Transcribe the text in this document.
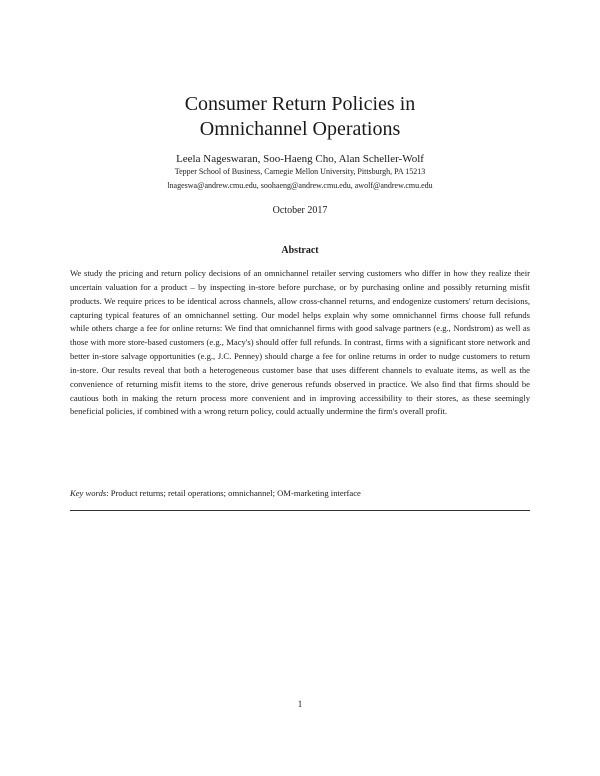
Consumer Return Policies in
Omnichannel Operations
Leela Nageswaran, Soo-Haeng Cho, Alan Scheller-Wolf
Tepper School of Business, Carnegie Mellon University, Pittsburgh, PA 15213
lnageswa@andrew.cmu.edu, soohaeng@andrew.cmu.edu, awolf@andrew.cmu.edu
October 2017
Abstract
We study the pricing and return policy decisions of an omnichannel retailer serving customers who differ in how they realize their uncertain valuation for a product – by inspecting in-store before purchase, or by purchasing online and possibly returning misfit products. We require prices to be identical across channels, allow cross-channel returns, and endogenize customers' return decisions, capturing typical features of an omnichannel setting. Our model helps explain why some omnichannel firms choose full refunds while others charge a fee for online returns: We find that omnichannel firms with good salvage partners (e.g., Nordstrom) as well as those with more store-based customers (e.g., Macy's) should offer full refunds. In contrast, firms with a significant store network and better in-store salvage opportunities (e.g., J.C. Penney) should charge a fee for online returns in order to nudge customers to return in-store. Our results reveal that both a heterogeneous customer base that uses different channels to evaluate items, as well as the convenience of returning misfit items to the store, drive generous refunds observed in practice. We also find that firms should be cautious both in making the return process more convenient and in improving accessibility to their stores, as these seemingly beneficial policies, if combined with a wrong return policy, could actually undermine the firm's overall profit.
Key words: Product returns; retail operations; omnichannel; OM-marketing interface
1
